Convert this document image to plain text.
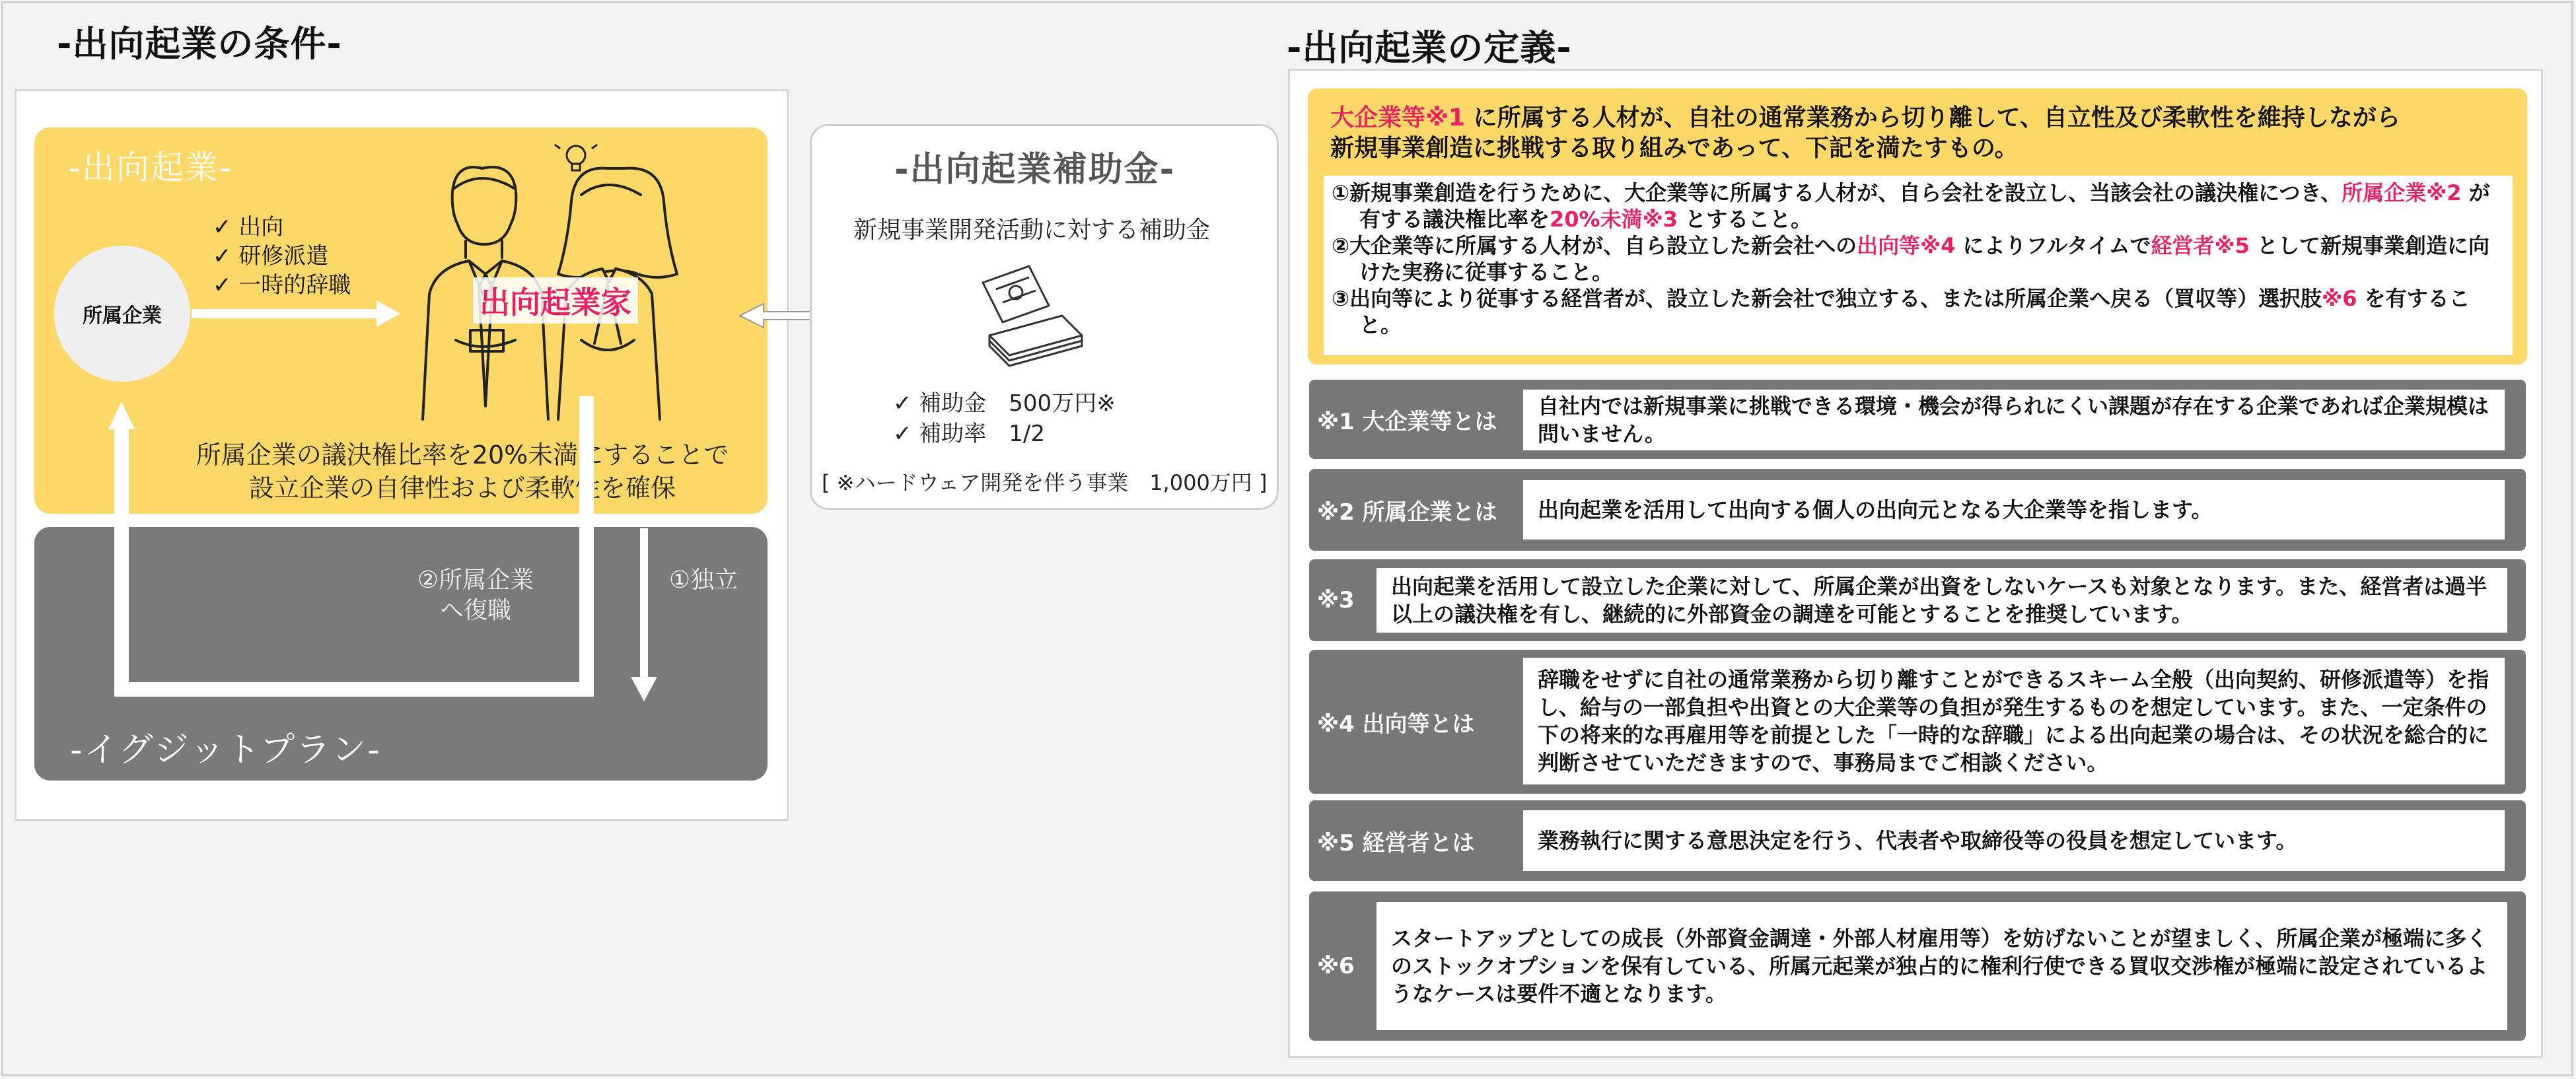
-出向起業の条件-
-出向起業-
所属企業
✓ 出向
✓ 研修派遣
✓ 一時的辞職	出向起業家
所属企業の議決権比率を20%未満にすることで
設立企業の自律性および柔軟性を確保
-イグジットプラン-
②所属企業
へ復職
①独立
-出向起業補助金-
新規事業開発活動に対する補助金
✓ 補助金　500万円※
✓ 補助率　1/2
[ ※ハードウェア開発を伴う事業　1,000万円 ]
-出向起業の定義-
大企業等※1 に所属する人材が、自社の通常業務から切り離して、自立性及び柔軟性を維持しながら
新規事業創造に挑戦する取り組みであって、下記を満たすもの。
①新規事業創造を行うために、大企業等に所属する人材が、自ら会社を設立し、当該会社の議決権につき、所属企業※2 が有する議決権比率を20%未満※3 とすること。
②大企業等に所属する人材が、自ら設立した新会社への出向等※4 によりフルタイムで経営者※5 として新規事業創造に向けた実務に従事すること。
③出向等により従事する経営者が、設立した新会社で独立する、または所属企業へ戻る（買収等）選択肢※6 を有すること。
※1 大企業等とは
自社内では新規事業に挑戦できる環境・機会が得られにくい課題が存在する企業であれば企業規模は問いません。
※2 所属企業とは	出向起業を活用して出向する個人の出向元となる大企業等を指します。
※3
出向起業を活用して設立した企業に対して、所属企業が出資をしないケースも対象となります。また、経営者は過半以上の議決権を有し、継続的に外部資金の調達を可能とすることを推奨しています。
※4 出向等とは
辞職をせずに自社の通常業務から切り離すことができるスキーム全般（出向契約、研修派遣等）を指し、給与の一部負担や出資との大企業等の負担が発生するものを想定しています。また、一定条件の下の将来的な再雇用等を前提とした「一時的な辞職」による出向起業の場合は、その状況を総合的に判断させていただきますので、事務局までご相談ください。
※5 経営者とは	業務執行に関する意思決定を行う、代表者や取締役等の役員を想定しています。
※6
スタートアップとしての成長（外部資金調達・外部人材雇用等）を妨げないことが望ましく、所属企業が極端に多くのストックオプションを保有している、所属元起業が独占的に権利行使できる買収交渉権が極端に設定されているようなケースは要件不適となります。
